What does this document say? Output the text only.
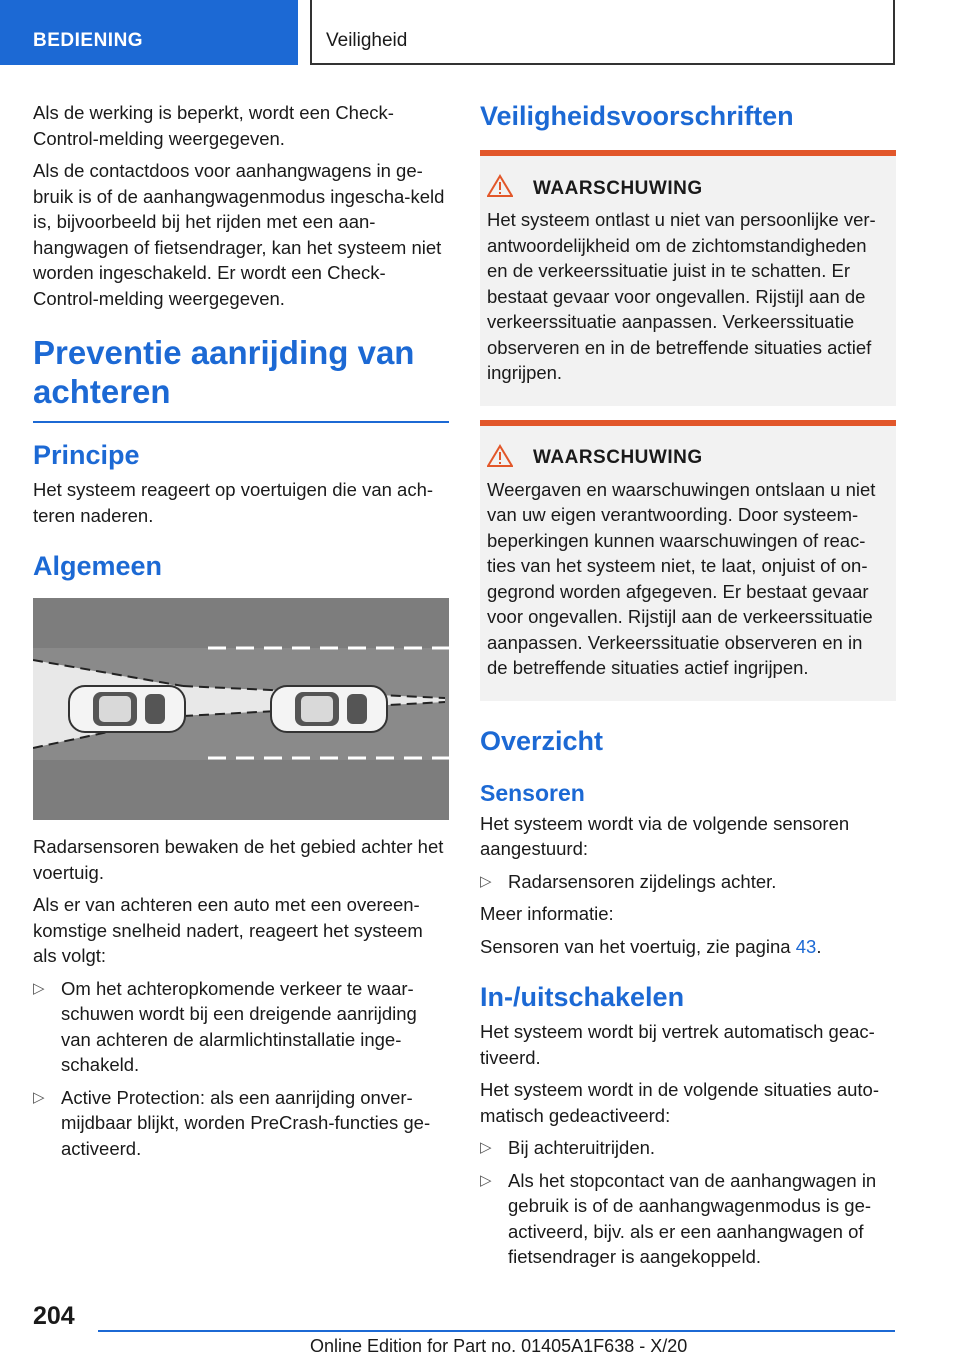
BEDIENING	Veiligheid

Als de werking is beperkt, wordt een Check-Control-melding weergegeven.

Als de contactdoos voor aanhangwagens in ge-bruik is of de aanhangwagenmodus ingescha-keld is, bijvoorbeeld bij het rijden met een aan-hangwagen of fietsendrager, kan het systeem niet worden ingeschakeld. Er wordt een Check-Control-melding weergegeven.

Preventie aanrijding van achteren
Principe

Het systeem reageert op voertuigen die van ach-teren naderen.

Algemeen

Radarsensoren bewaken de het gebied achter het voertuig.

Als er van achteren een auto met een overeen-komstige snelheid nadert, reageert het systeem als volgt:

▷ Om het achteropkomende verkeer te waar-schuwen wordt bij een dreigende aanrijding van achteren de alarmlichtinstallatie inge-schakeld.
▷ Active Protection: als een aanrijding onver-mijdbaar blijkt, worden PreCrash-functies ge-activeerd.
Veiligheidsvoorschriften
WAARSCHUWING

Het systeem ontlast u niet van persoonlijke ver-antwoordelijkheid om de zichtomstandigheden en de verkeerssituatie juist in te schatten. Er bestaat gevaar voor ongevallen. Rijstijl aan de verkeerssituatie aanpassen. Verkeerssituatie observeren en in de betreffende situaties actief ingrijpen.

WAARSCHUWING

Weergaven en waarschuwingen ontslaan u niet van uw eigen verantwoording. Door systeem-beperkingen kunnen waarschuwingen of reac-ties van het systeem niet, te laat, onjuist of on-gegrond worden afgegeven. Er bestaat gevaar voor ongevallen. Rijstijl aan de verkeerssituatie aanpassen. Verkeerssituatie observeren en in de betreffende situaties actief ingrijpen.

Overzicht
Sensoren

Het systeem wordt via de volgende sensoren aangestuurd:

▷ Radarsensoren zijdelings achter.

Meer informatie:

Sensoren van het voertuig, zie pagina 43.

In-/uitschakelen

Het systeem wordt bij vertrek automatisch geac-tiveerd.

Het systeem wordt in de volgende situaties auto-matisch gedeactiveerd:

▷ Bij achteruitrijden.
▷ Als het stopcontact van de aanhangwagen in gebruik is of de aanhangwagenmodus is ge-activeerd, bijv. als er een aanhangwagen of fietsendrager is aangekoppeld.
204
Online Edition for Part no. 01405A1F638 - X/20
